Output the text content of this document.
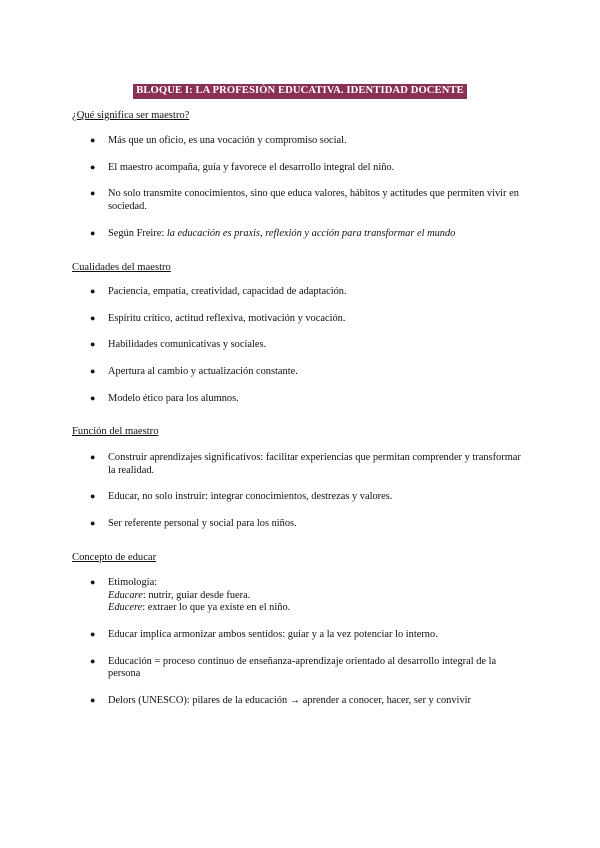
BLOQUE I: LA PROFESIÓN EDUCATIVA. IDENTIDAD DOCENTE
¿Qué significa ser maestro?
● Más que un oficio, es una vocación y compromiso social.
● El maestro acompaña, guía y favorece el desarrollo integral del niño.
● No solo transmite conocimientos, sino que educa valores, hábitos y actitudes que permiten vivir en sociedad.
● Según Freire: la educación es praxis, reflexión y acción para transformar el mundo
Cualidades del maestro
● Paciencia, empatía, creatividad, capacidad de adaptación.
● Espíritu crítico, actitud reflexiva, motivación y vocación.
● Habilidades comunicativas y sociales.
● Apertura al cambio y actualización constante.
● Modelo ético para los alumnos.
Función del maestro
● Construir aprendizajes significativos: facilitar experiencias que permitan comprender y transformar la realidad.
● Educar, no solo instruir: integrar conocimientos, destrezas y valores.
● Ser referente personal y social para los niños.
Concepto de educar
● Etimología:
Educare: nutrir, guiar desde fuera.
Educere: extraer lo que ya existe en el niño.
● Educar implica armonizar ambos sentidos: guiar y a la vez potenciar lo interno.
● Educación = proceso continuo de enseñanza-aprendizaje orientado al desarrollo integral de la persona
● Delors (UNESCO): pilares de la educación → aprender a conocer, hacer, ser y convivir
